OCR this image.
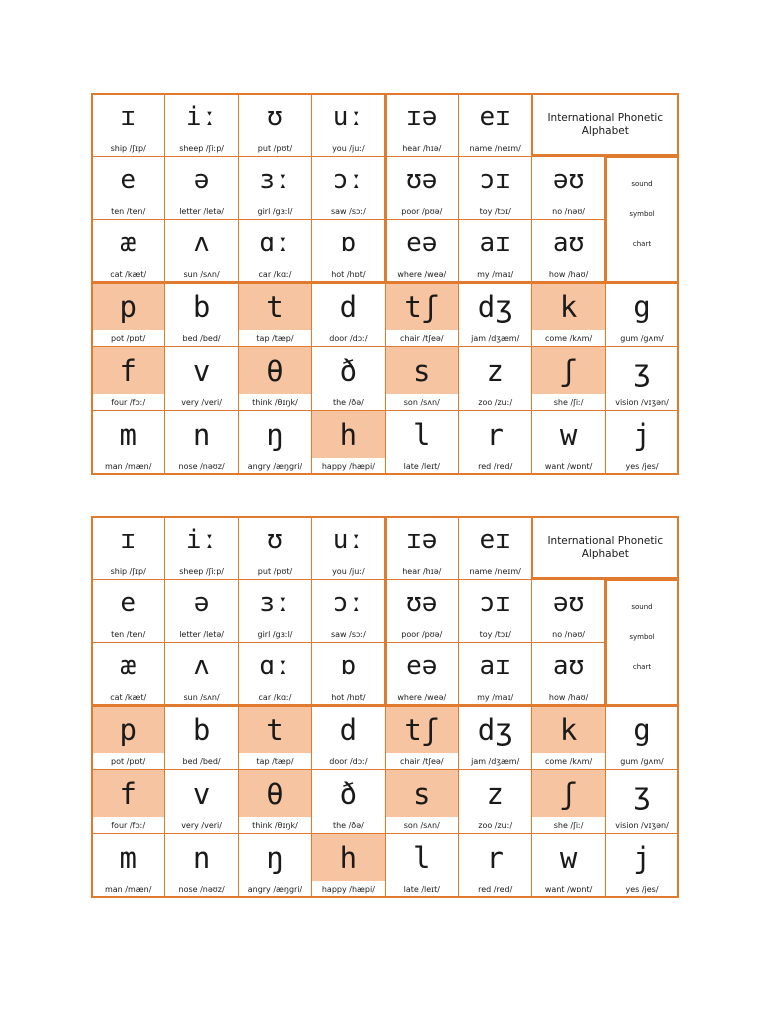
ɪ
ship /ʃɪp/
iː
sheep /ʃiːp/
ʊ
put /pʊt/
uː
you /juː/
ɪə
hear /hɪə/
eɪ
name /neɪm/
e
ten /ten/
ə
letter /letə/
ɜː
girl /gɜːl/
ɔː
saw /sɔː/
ʊə
poor /pʊə/
ɔɪ
toy /tɔɪ/
əʊ
no /nəʊ/
æ
cat /kæt/
ʌ
sun /sʌn/
ɑː
car /kɑː/
ɒ
hot /hɒt/
eə
where /weə/
aɪ
my /maɪ/
aʊ
how /haʊ/
p
pot /pɒt/
b
bed /bed/
t
tap /tæp/
d
door /dɔː/
tʃ
chair /tʃeə/
dʒ
jam /dʒæm/
k
come /kʌm/
g
gum /gʌm/
f
four /fɔː/
v
very /veri/
θ
think /θɪŋk/
ð
the /ðə/
s
son /sʌn/
z
zoo /zuː/
ʃ
she /ʃiː/
ʒ
vision /vɪʒən/
m
man /mæn/
n
nose /nəʊz/
ŋ
angry /æŋgri/
h
happy /hæpi/
l
late /leɪt/
r
red /red/
w
want /wɒnt/
j
yes /jes/
International Phonetic Alphabet
sound
symbol
chart
ɪ
ship /ʃɪp/
iː
sheep /ʃiːp/
ʊ
put /pʊt/
uː
you /juː/
ɪə
hear /hɪə/
eɪ
name /neɪm/
e
ten /ten/
ə
letter /letə/
ɜː
girl /gɜːl/
ɔː
saw /sɔː/
ʊə
poor /pʊə/
ɔɪ
toy /tɔɪ/
əʊ
no /nəʊ/
æ
cat /kæt/
ʌ
sun /sʌn/
ɑː
car /kɑː/
ɒ
hot /hɒt/
eə
where /weə/
aɪ
my /maɪ/
aʊ
how /haʊ/
p
pot /pɒt/
b
bed /bed/
t
tap /tæp/
d
door /dɔː/
tʃ
chair /tʃeə/
dʒ
jam /dʒæm/
k
come /kʌm/
g
gum /gʌm/
f
four /fɔː/
v
very /veri/
θ
think /θɪŋk/
ð
the /ðə/
s
son /sʌn/
z
zoo /zuː/
ʃ
she /ʃiː/
ʒ
vision /vɪʒən/
m
man /mæn/
n
nose /nəʊz/
ŋ
angry /æŋgri/
h
happy /hæpi/
l
late /leɪt/
r
red /red/
w
want /wɒnt/
j
yes /jes/
International Phonetic Alphabet
sound
symbol
chart
